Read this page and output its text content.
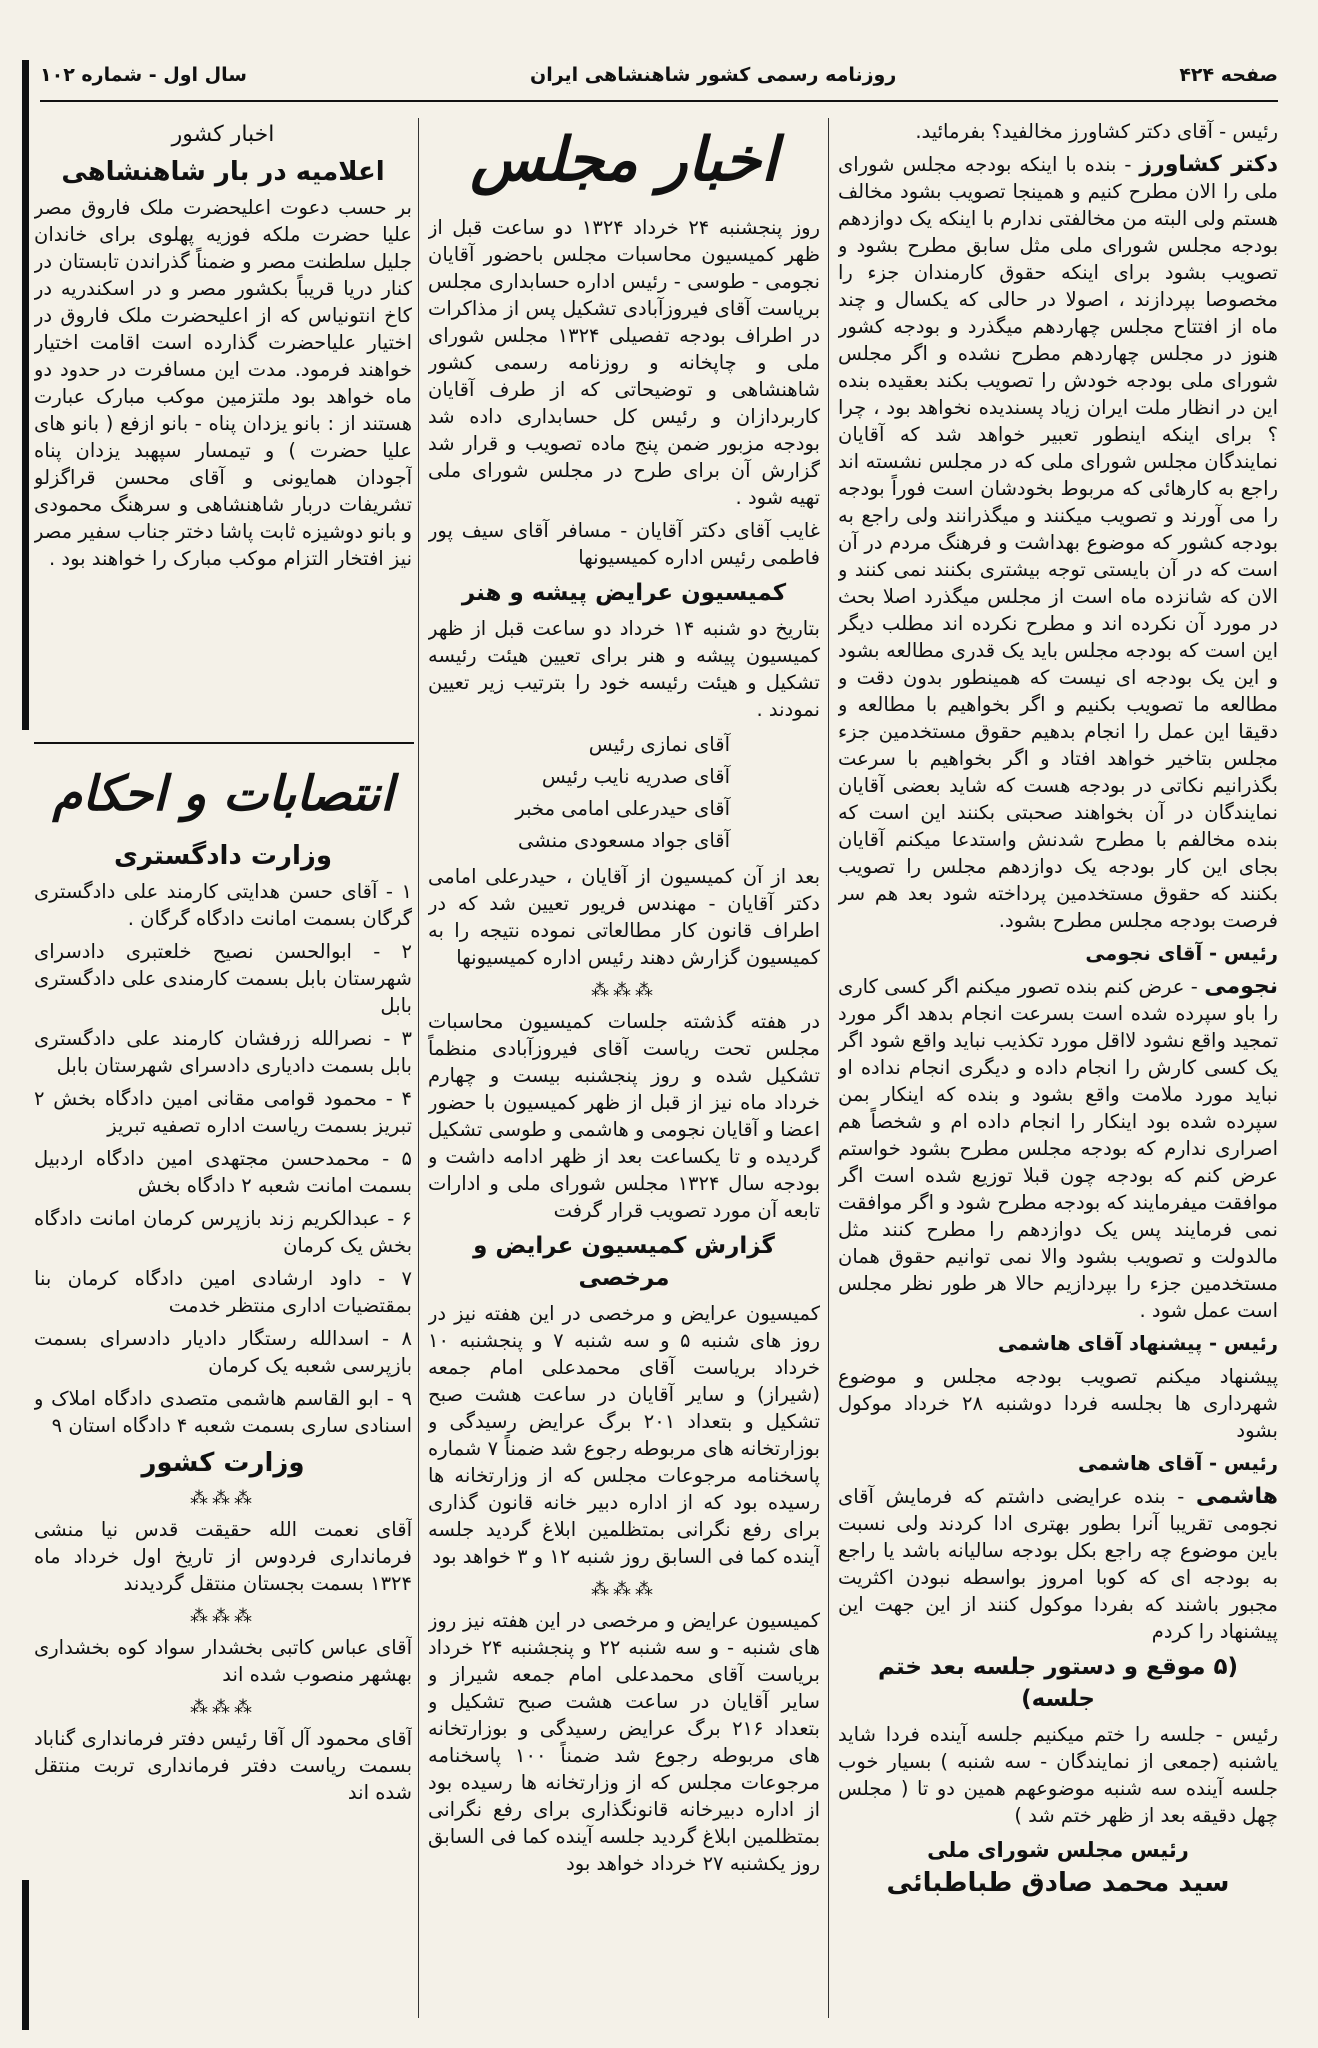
صفحه ۴۲۴
روزنامه رسمی کشور شاهنشاهی ایران
سال اول - شماره ۱۰۲

رئیس - آقای دکتر کشاورز مخالفید؟ بفرمائید.

دکتر کشاورز - بنده با اینکه بودجه مجلس شورای ملی را الان مطرح کنیم و همینجا تصویب بشود مخالف هستم ولی البته من مخالفتی ندارم با اینکه یک دوازدهم بودجه مجلس شورای ملی مثل سابق مطرح بشود و تصویب بشود برای اینکه حقوق کارمندان جزء را مخصوصا بپردازند ، اصولا در حالی که یکسال و چند ماه از افتتاح مجلس چهاردهم میگذرد و بودجه کشور هنوز در مجلس چهاردهم مطرح نشده و اگر مجلس شورای ملی بودجه خودش را تصویب بکند بعقیده بنده این در انظار ملت ایران زیاد پسندیده نخواهد بود ، چرا ؟ برای اینکه اینطور تعبیر خواهد شد که آقایان نمایندگان مجلس شورای ملی که در مجلس نشسته اند راجع به کارهائی که مربوط بخودشان است فوراً بودجه را می آورند و تصویب میکنند و میگذرانند ولی راجع به بودجه کشور که موضوع بهداشت و فرهنگ مردم در آن است که در آن بایستی توجه بیشتری بکنند نمی کنند و الان که شانزده ماه است از مجلس میگذرد اصلا بحث در مورد آن نکرده اند و مطرح نکرده اند مطلب دیگر این است که بودجه مجلس باید یک قدری مطالعه بشود و این یک بودجه ای نیست که همینطور بدون دقت و مطالعه ما تصویب بکنیم و اگر بخواهیم با مطالعه و دقیقا این عمل را انجام بدهیم حقوق مستخدمین جزء مجلس بتاخیر خواهد افتاد و اگر بخواهیم با سرعت بگذرانیم نکاتی در بودجه هست که شاید بعضی آقایان نمایندگان در آن بخواهند صحبتی بکنند این است که بنده مخالفم با مطرح شدنش واستدعا میکنم آقایان بجای این کار بودجه یک دوازدهم مجلس را تصویب بکنند که حقوق مستخدمین پرداخته شود بعد هم سر فرصت بودجه مجلس مطرح بشود.

رئیس - آقای نجومی

نجومی - عرض کنم بنده تصور میکنم اگر کسی کاری را باو سپرده شده است بسرعت انجام بدهد اگر مورد تمجید واقع نشود لااقل مورد تکذیب نباید واقع شود اگر یک کسی کارش را انجام داده و دیگری انجام نداده او نباید مورد ملامت واقع بشود و بنده که اینکار بمن سپرده شده بود اینکار را انجام داده ام و شخصاً هم اصراری ندارم که بودجه مجلس مطرح بشود خواستم عرض کنم که بودجه چون قبلا توزیع شده است اگر موافقت میفرمایند که بودجه مطرح شود و اگر موافقت نمی فرمایند پس یک دوازدهم را مطرح کنند مثل مالدولت و تصویب بشود والا نمی توانیم حقوق همان مستخدمین جزء را بپردازیم حالا هر طور نظر مجلس است عمل شود .

رئیس - پیشنهاد آقای هاشمی

پیشنهاد میکنم تصویب بودجه مجلس و موضوع شهرداری ها بجلسه فردا دوشنبه ۲۸ خرداد موکول بشود

رئیس - آقای هاشمی

هاشمی - بنده عرایضی داشتم که فرمایش آقای نجومی تقریبا آنرا بطور بهتری ادا کردند ولی نسبت باین موضوع چه راجع بکل بودجه سالیانه باشد یا راجع به بودجه ای که کوبا امروز بواسطه نبودن اکثریت مجبور باشند که بفردا موکول کنند از این جهت این پیشنهاد را کردم

(۵ موقع و دستور جلسه بعد ختم جلسه)

رئیس - جلسه را ختم میکنیم جلسه آینده فردا شاید یاشنبه (جمعی از نمایندگان - سه شنبه ) بسیار خوب جلسه آینده سه شنبه موضوعهم همین دو تا ( مجلس چهل دقیقه بعد از ظهر ختم شد )

رئیس مجلس شورای ملی
سید محمد صادق طباطبائی
اخبار مجلس

روز پنجشنبه ۲۴ خرداد ۱۳۲۴ دو ساعت قبل از ظهر کمیسیون محاسبات مجلس باحضور آقایان نجومی - طوسی - رئیس اداره حسابداری مجلس بریاست آقای فیروزآبادی تشکیل پس از مذاکرات در اطراف بودجه تفصیلی ۱۳۲۴ مجلس شورای ملی و چاپخانه و روزنامه رسمی کشور شاهنشاهی و توضیحاتی که از طرف آقایان کاربردازان و رئیس کل حسابداری داده شد بودجه مزبور ضمن پنج ماده تصویب و قرار شد گزارش آن برای طرح در مجلس شورای ملی تهیه شود .

غایب آقای دکتر آقایان - مسافر آقای سیف پور فاطمی رئیس اداره کمیسیونها

کمیسیون عرایض پیشه و هنر

بتاریخ دو شنبه ۱۴ خرداد دو ساعت قبل از ظهر کمیسیون پیشه و هنر برای تعیین هیئت رئیسه تشکیل و هیئت رئیسه خود را بترتیب زیر تعیین نمودند .

آقای نمازی رئیس
آقای صدریه نایب رئیس
آقای حیدرعلی امامی مخبر
آقای جواد مسعودی منشی

بعد از آن کمیسیون از آقایان ، حیدرعلی امامی دکتر آقایان - مهندس فریور تعیین شد که در اطراف قانون کار مطالعاتی نموده نتیجه را به کمیسیون گزارش دهند رئیس اداره کمیسیونها

⁂⁂⁂

در هفته گذشته جلسات کمیسیون محاسبات مجلس تحت ریاست آقای فیروزآبادی منظماً تشکیل شده و روز پنجشنبه بیست و چهارم خرداد ماه نیز از قبل از ظهر کمیسیون با حضور اعضا و آقایان نجومی و هاشمی و طوسی تشکیل گردیده و تا یکساعت بعد از ظهر ادامه داشت و بودجه سال ۱۳۲۴ مجلس شورای ملی و ادارات تابعه آن مورد تصویب قرار گرفت

گزارش کمیسیون عرایض و مرخصی

کمیسیون عرایض و مرخصی در این هفته نیز در روز های شنبه ۵ و سه شنبه ۷ و پنجشنبه ۱۰ خرداد بریاست آقای محمدعلی امام جمعه (شیراز) و سایر آقایان در ساعت هشت صبح تشکیل و بتعداد ۲۰۱ برگ عرایض رسیدگی و بوزارتخانه های مربوطه رجوع شد ضمناً ۷ شماره پاسخنامه مرجوعات مجلس که از وزارتخانه ها رسیده بود که از اداره دبیر خانه قانون گذاری برای رفع نگرانی بمتظلمین ابلاغ گردید جلسه آینده کما فی السابق روز شنبه ۱۲ و ۳ خواهد بود

⁂⁂⁂

کمیسیون عرایض و مرخصی در این هفته نیز روز های شنبه - و سه شنبه ۲۲ و پنجشنبه ۲۴ خرداد بریاست آقای محمدعلی امام جمعه شیراز و سایر آقایان در ساعت هشت صبح تشکیل و بتعداد ۲۱۶ برگ عرایض رسیدگی و بوزارتخانه های مربوطه رجوع شد ضمناً ۱۰۰ پاسخنامه مرجوعات مجلس که از وزارتخانه ها رسیده بود از اداره دبیرخانه قانونگذاری برای رفع نگرانی بمتظلمین ابلاغ گردید جلسه آینده کما فی السابق روز یکشنبه ۲۷ خرداد خواهد بود

اخبار کشور
اعلامیه در بار شاهنشاهی

بر حسب دعوت اعلیحضرت ملک فاروق مصر علیا حضرت ملکه فوزیه پهلوی برای خاندان جلیل سلطنت مصر و ضمناً گذراندن تابستان در کنار دریا قریباً بکشور مصر و در اسکندریه در کاخ انتونیاس که از اعلیحضرت ملک فاروق در اختیار علیاحضرت گذارده است اقامت اختیار خواهند فرمود. مدت این مسافرت در حدود دو ماه خواهد بود ملتزمین موکب مبارک عبارت هستند از : بانو یزدان پناه - بانو ازفع ( بانو های علیا حضرت ) و تیمسار سپهبد یزدان پناه آجودان همایونی و آقای محسن قراگزلو تشریفات دربار شاهنشاهی و سرهنگ محمودی و بانو دوشیزه ثابت پاشا دختر جناب سفیر مصر نیز افتخار التزام موکب مبارک را خواهند بود .

انتصابات و احکام
وزارت دادگستری

۱ - آقای حسن هدایتی کارمند علی دادگستری گرگان بسمت امانت دادگاه گرگان .

۲ - ابوالحسن نصیح خلعتبری دادسرای شهرستان بابل بسمت کارمندی علی دادگستری بابل

۳ - نصرالله زرفشان کارمند علی دادگستری بابل بسمت دادیاری دادسرای شهرستان بابل

۴ - محمود قوامی مقانی امین دادگاه بخش ۲ تبریز بسمت ریاست اداره تصفیه تبریز

۵ - محمدحسن مجتهدی امین دادگاه اردبیل بسمت امانت شعبه ۲ دادگاه بخش

۶ - عبدالکریم زند بازپرس کرمان امانت دادگاه بخش یک کرمان

۷ - داود ارشادی امین دادگاه کرمان بنا بمقتضیات اداری منتظر خدمت

۸ - اسدالله رستگار دادیار دادسرای بسمت بازپرسی شعبه یک کرمان

۹ - ابو القاسم هاشمی متصدی دادگاه املاک و اسنادی ساری بسمت شعبه ۴ دادگاه استان ۹

وزارت کشور
⁂⁂⁂

آقای نعمت الله حقیقت قدس نیا منشی فرمانداری فردوس از تاریخ اول خرداد ماه ۱۳۲۴ بسمت بجستان منتقل گردیدند

⁂⁂⁂

آقای عباس کاتبی بخشدار سواد کوه بخشداری بهشهر منصوب شده اند

⁂⁂⁂

آقای محمود آل آقا رئیس دفتر فرمانداری گناباد بسمت ریاست دفتر فرمانداری تربت منتقل شده اند
